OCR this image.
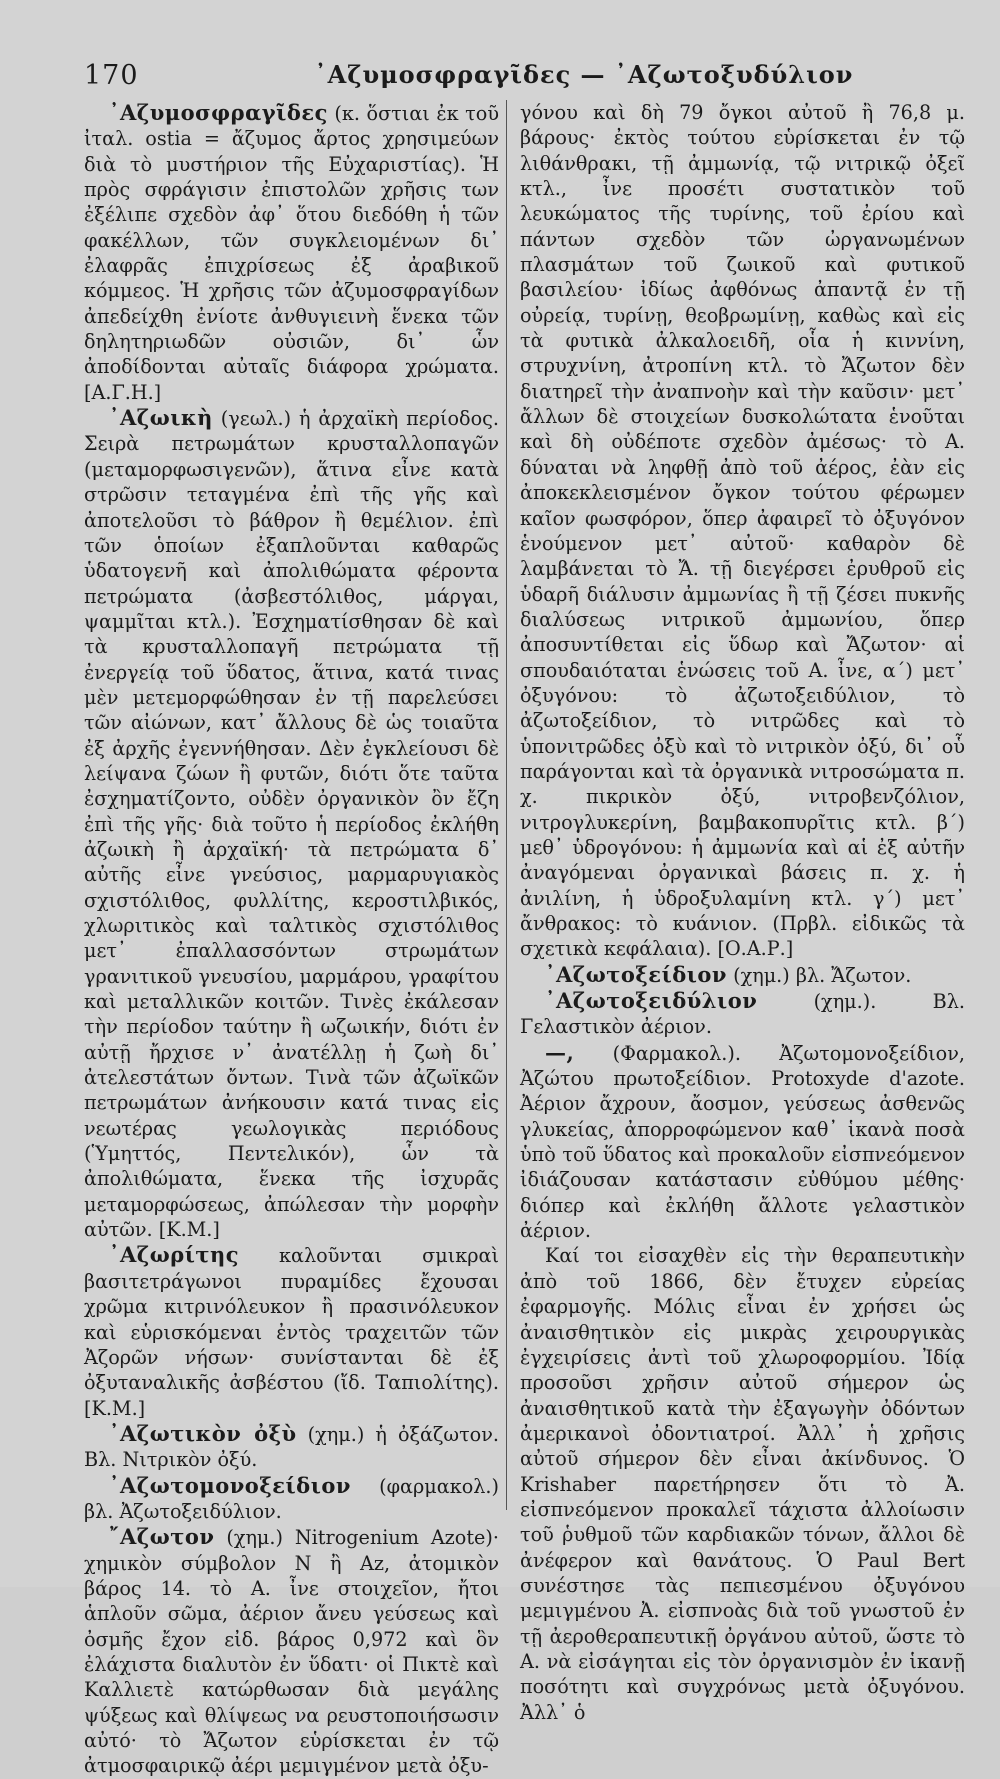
170	᾿Αζυμοσφραγῖδες — ᾿Αζωτοξυδύλιον

᾿Αζυμοσφραγῖδες (κ. ὅστιαι ἐκ τοῦ ἰταλ. ostia = ἄζυμος ἄρτος χρησιμεύων διὰ τὸ μυστήριον τῆς Εὐχαριστίας). Ἡ πρὸς σφράγισιν ἐπιστολῶν χρῆσις των ἐξέλιπε σχεδὸν ἀφ᾿ ὅτου διεδόθη ἡ τῶν φακέλλων, τῶν συγκλειομένων δι᾿ ἐλαφρᾶς ἐπιχρίσεως ἐξ ἀραβικοῦ κόμμεος. Ἡ χρῆσις τῶν ἀζυμοσφραγίδων ἀπεδείχθη ἐνίοτε ἀνθυγιεινὴ ἕνεκα τῶν δηλητηριωδῶν οὐσιῶν, δι᾿ ὧν ἀποδίδονται αὐταῖς διάφορα χρώματα. [Α.Γ.Η.]

᾿Αζωικὴ (γεωλ.) ἡ ἀρχαϊκὴ περίοδος. Σειρὰ πετρωμάτων κρυσταλλοπαγῶν (μεταμορφωσιγενῶν), ἅτινα εἶνε κατὰ στρῶσιν τεταγμένα ἐπὶ τῆς γῆς καὶ ἀποτελοῦσι τὸ βάθρον ἢ θεμέλιον. ἐπὶ τῶν ὁποίων ἐξαπλοῦνται καθαρῶς ὑδατογενῆ καὶ ἀπολιθώματα φέροντα πετρώματα (ἀσβεστόλιθος, μάργαι, ψαμμῖται κτλ.). Ἐσχηματίσθησαν δὲ καὶ τὰ κρυσταλλοπαγῆ πετρώματα τῇ ἐνεργείᾳ τοῦ ὕδατος, ἅτινα, κατά τινας μὲν μετεμορφώθησαν ἐν τῇ παρελεύσει τῶν αἰώνων, κατ᾿ ἄλλους δὲ ὡς τοιαῦτα ἐξ ἀρχῆς ἐγεννήθησαν. Δὲν ἐγκλείουσι δὲ λείψανα ζώων ἢ φυτῶν, διότι ὅτε ταῦτα ἐσχηματίζοντο, οὐδὲν ὀργανικὸν ὂν ἔζη ἐπὶ τῆς γῆς· διὰ τοῦτο ἡ περίοδος ἐκλήθη ἀζωικὴ ἢ ἀρχαϊκή· τὰ πετρώματα δ᾿ αὐτῆς εἶνε γνεύσιος, μαρμαρυγιακὸς σχιστόλιθος, φυλλίτης, κεροστιλβικός, χλωριτικὸς καὶ ταλτικὸς σχιστόλιθος μετ᾿ ἐπαλλασσόντων στρωμάτων γρανιτικοῦ γνευσίου, μαρμάρου, γραφίτου καὶ μεταλλικῶν κοιτῶν. Τινὲς ἐκάλεσαν τὴν περίοδον ταύτην ἢ ωζωικήν, διότι ἐν αὐτῇ ἤρχισε ν᾿ ἀνατέλλῃ ἡ ζωὴ δι᾿ ἀτελεστάτων ὄντων. Τινὰ τῶν ἀζωϊκῶν πετρωμάτων ἀνήκουσιν κατά τινας εἰς νεωτέρας γεωλογικὰς περιόδους (Ὑμηττός, Πεντελικόν), ὧν τὰ ἀπολιθώματα, ἕνεκα τῆς ἰσχυρᾶς μεταμορφώσεως, ἀπώλεσαν τὴν μορφὴν αὐτῶν. [Κ.Μ.]

᾿Αζωρίτης καλοῦνται σμικραὶ βασιτετράγωνοι πυραμίδες ἔχουσαι χρῶμα κιτρινόλευκον ἢ πρασινόλευκον καὶ εὑρισκόμεναι ἐντὸς τραχειτῶν τῶν Ἀζορῶν νήσων· συνίστανται δὲ ἐξ ὀξυταναλικῆς ἀσβέστου (ἴδ. Ταπιολίτης). [Κ.Μ.]

᾿Αζωτικὸν ὀξὺ (χημ.) ἡ ὀξάζωτον. Βλ. Νιτρικὸν ὀξύ.

᾿Αζωτομονοξείδιον (φαρμακολ.) βλ. Ἀζωτοξειδύλιον.

῎Αζωτον (χημ.) Nitrogenium Azote)· χημικὸν σύμβολον N ἢ Az, ἀτομικὸν βάρος 14. τὸ Α. ἶνε στοιχεῖον, ἤτοι ἁπλοῦν σῶμα, ἀέριον ἄνευ γεύσεως καὶ ὀσμῆς ἔχον εἰδ. βάρος 0,972 καὶ ὃν ἐλάχιστα διαλυτὸν ἐν ὕδατι· οἱ Πικτὲ καὶ Καλλιετὲ κατώρθωσαν διὰ μεγάλης ψύξεως καὶ θλίψεως να ρευστοποιήσωσιν αὐτό· τὸ Ἄζωτον εὑρίσκεται ἐν τῷ ἀτμοσφαιρικῷ ἀέρι μεμιγμένον μετὰ ὀξυ-

γόνου καὶ δὴ 79 ὄγκοι αὐτοῦ ἢ 76,8 μ. βάρους· ἐκτὸς τούτου εὑρίσκεται ἐν τῷ λιθάνθρακι, τῇ ἀμμωνίᾳ, τῷ νιτρικῷ ὀξεῖ κτλ., ἶνε προσέτι συστατικὸν τοῦ λευκώματος τῆς τυρίνης, τοῦ ἐρίου καὶ πάντων σχεδὸν τῶν ὠργανωμένων πλασμάτων τοῦ ζωικοῦ καὶ φυτικοῦ βασιλείου· ἰδίως ἀφθόνως ἀπαντᾷ ἐν τῇ οὐρείᾳ, τυρίνῃ, θεοβρωμίνῃ, καθὼς καὶ εἰς τὰ φυτικὰ ἀλκαλοειδῆ, οἷα ἡ κιννίνη, στρυχνίνη, ἀτροπίνη κτλ. τὸ Ἄζωτον δὲν διατηρεῖ τὴν ἀναπνοὴν καὶ τὴν καῦσιν· μετ᾿ ἄλλων δὲ στοιχείων δυσκολώτατα ἑνοῦται καὶ δὴ οὐδέποτε σχεδὸν ἀμέσως· τὸ Α. δύναται νὰ ληφθῇ ἀπὸ τοῦ ἀέρος, ἐὰν εἰς ἀποκεκλεισμένον ὄγκον τούτου φέρωμεν καῖον φωσφόρον, ὅπερ ἀφαιρεῖ τὸ ὀξυγόνον ἑνούμενον μετ᾿ αὐτοῦ· καθαρὸν δὲ λαμβάνεται τὸ Ἄ. τῇ διεγέρσει ἐρυθροῦ εἰς ὑδαρῆ διάλυσιν ἀμμωνίας ἢ τῇ ζέσει πυκνῆς διαλύσεως νιτρικοῦ ἀμμωνίου, ὅπερ ἀποσυντίθεται εἰς ὕδωρ καὶ Ἄζωτον· αἱ σπουδαιόταται ἑνώσεις τοῦ Α. ἶνε, α΄) μετ᾿ ὀξυγόνου: τὸ ἀζωτοξειδύλιον, τὸ ἀζωτοξείδιον, τὸ νιτρῶδες καὶ τὸ ὑπονιτρῶδες ὀξὺ καὶ τὸ νιτρικὸν ὀξύ, δι᾿ οὗ παράγονται καὶ τὰ ὀργανικὰ νιτροσώματα π. χ. πικρικὸν ὀξύ, νιτροβενζόλιον, νιτρογλυκερίνη, βαμβακοπυρῖτις κτλ. β΄) μεθ᾿ ὑδρογόνου: ἡ ἀμμωνία καὶ αἱ ἐξ αὐτῆν ἀναγόμεναι ὀργανικαὶ βάσεις π. χ. ἡ ἀνιλίνη, ἡ ὑδροξυλαμίνη κτλ. γ΄) μετ᾿ ἄνθρακος: τὸ κυάνιον. (Πρβλ. εἰδικῶς τὰ σχετικὰ κεφάλαια). [Ο.Α.Ρ.]

᾿Αζωτοξείδιον (χημ.) βλ. Ἄζωτον.

᾿Αζωτοξειδύλιον (χημ.). Βλ. Γελαστικὸν ἀέριον.

—, (Φαρμακολ.). Ἀζωτομονοξείδιον, Ἀζώτου πρωτοξείδιον. Protoxyde d'azote. Ἀέριον ἄχρουν, ἄοσμον, γεύσεως ἀσθενῶς γλυκείας, ἀπορροφώμενον καθ᾿ ἱκανὰ ποσὰ ὑπὸ τοῦ ὕδατος καὶ προκαλοῦν εἰσπνεόμενον ἰδιάζουσαν κατάστασιν εὐθύμου μέθης· διόπερ καὶ ἐκλήθη ἄλλοτε γελαστικὸν ἀέριον.

Καί τοι εἰσαχθὲν εἰς τὴν θεραπευτικὴν ἀπὸ τοῦ 1866, δὲν ἔτυχεν εὐρείας ἐφαρμογῆς. Μόλις εἶναι ἐν χρήσει ὡς ἀναισθητικὸν εἰς μικρὰς χειρουργικὰς ἐγχειρίσεις ἀντὶ τοῦ χλωροφορμίου. Ἰδίᾳ προσοῦσι χρῆσιν αὐτοῦ σήμερον ὡς ἀναισθητικοῦ κατὰ τὴν ἐξαγωγὴν ὀδόντων ἀμερικανοὶ ὀδοντιατροί. Ἀλλ᾿ ἡ χρῆσις αὐτοῦ σήμερον δὲν εἶναι ἀκίνδυνος. Ὁ Krishaber παρετήρησεν ὅτι τὸ Ἀ. εἰσπνεόμενον προκαλεῖ τάχιστα ἀλλοίωσιν τοῦ ῥυθμοῦ τῶν καρδιακῶν τόνων, ἄλλοι δὲ ἀνέφερον καὶ θανάτους. Ὁ Paul Bert συνέστησε τὰς πεπιεσμένου ὀξυγόνου μεμιγμένου Ἀ. εἰσπνοὰς διὰ τοῦ γνωστοῦ ἐν τῇ ἀεροθεραπευτικῇ ὀργάνου αὐτοῦ, ὥστε τὸ Α. νὰ εἰσάγηται εἰς τὸν ὀργανισμὸν ἐν ἱκανῇ ποσότητι καὶ συγχρόνως μετὰ ὀξυγόνου. Ἀλλ᾿ ὁ
